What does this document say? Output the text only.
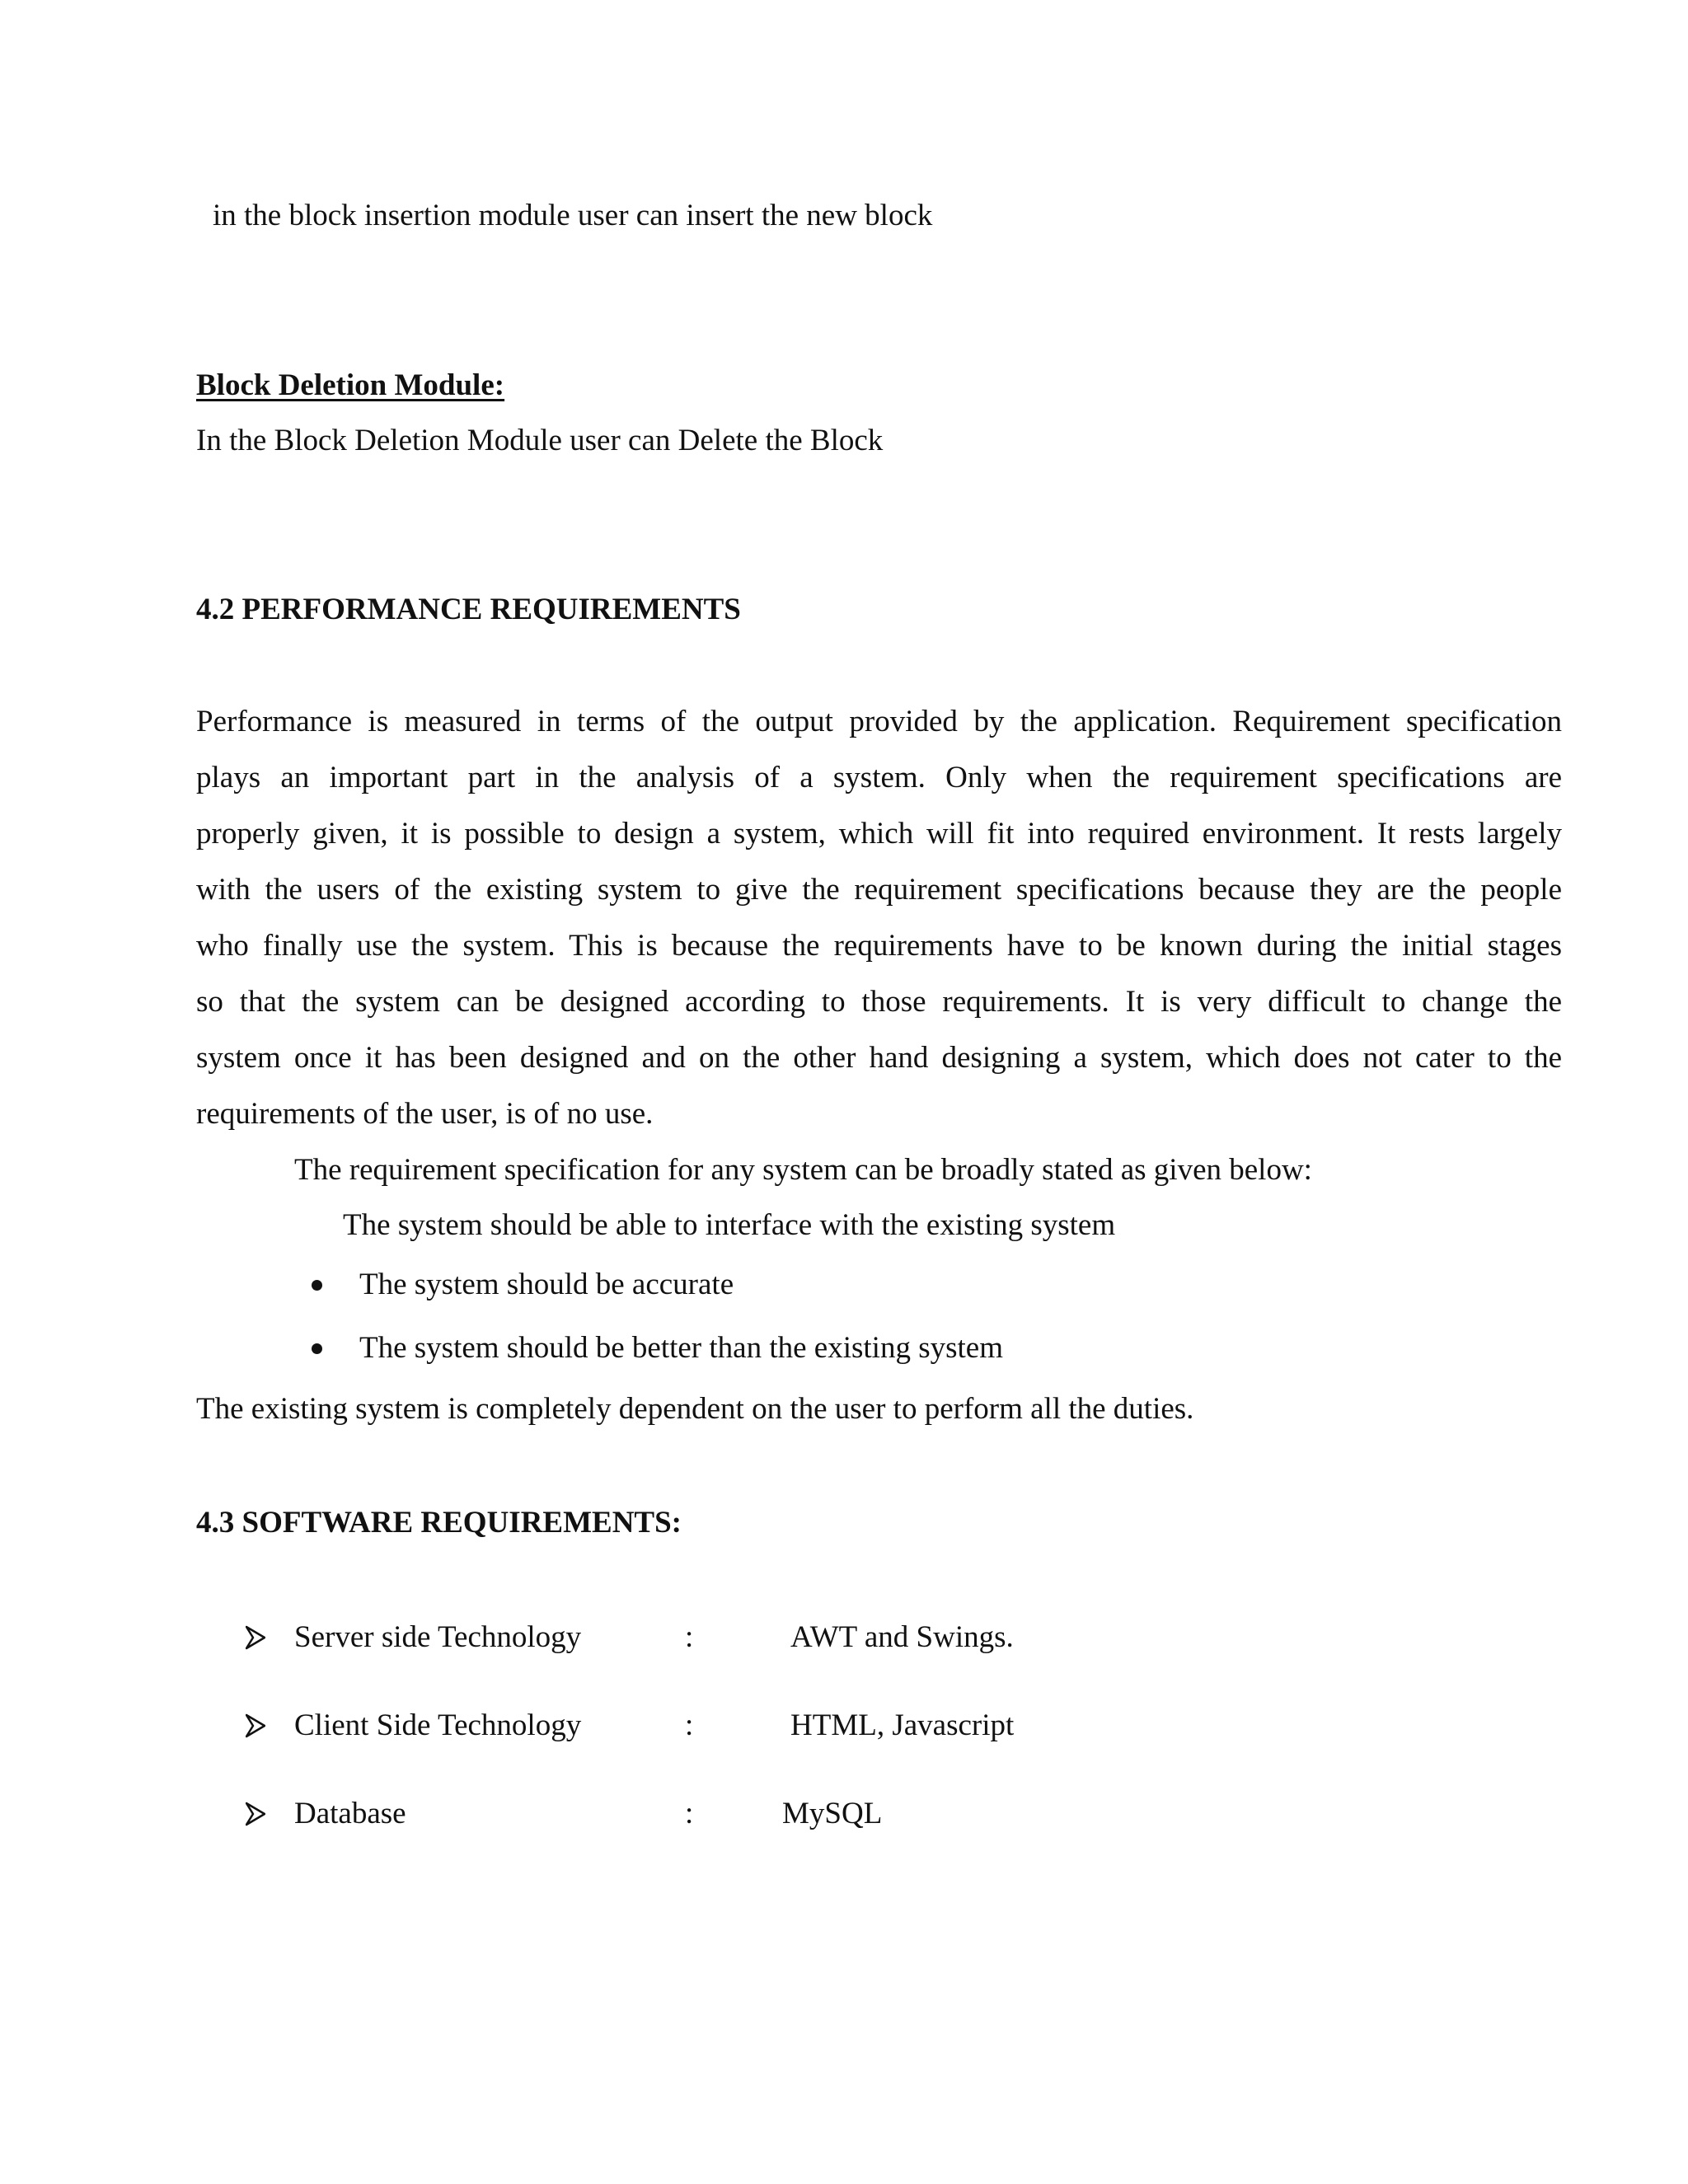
in the block insertion module user can insert the new block
Block Deletion Module:
In the Block Deletion Module user can Delete the Block
4.2 PERFORMANCE REQUIREMENTS
Performance is measured in terms of the output provided by the application. Requirement specification
plays an important part in the analysis of a system. Only when the requirement specifications are
properly given, it is possible to design a system, which will fit into required environment. It rests largely
with the users of the existing system to give the requirement specifications because they are the people
who finally use the system. This is because the requirements have to be known during the initial stages
so that the system can be designed according to those requirements. It is very difficult to change the
system once it has been designed and on the other hand designing a system, which does not cater to the
requirements of the user, is of no use.
The requirement specification for any system can be broadly stated as given below:
The system should be able to interface with the existing system
The system should be accurate
The system should be better than the existing system
The existing system is completely dependent on the user to perform all the duties.
4.3 SOFTWARE REQUIREMENTS:
Server side Technology	:	AWT and Swings.
Client Side Technology	:	HTML, Javascript
Database	:	MySQL
